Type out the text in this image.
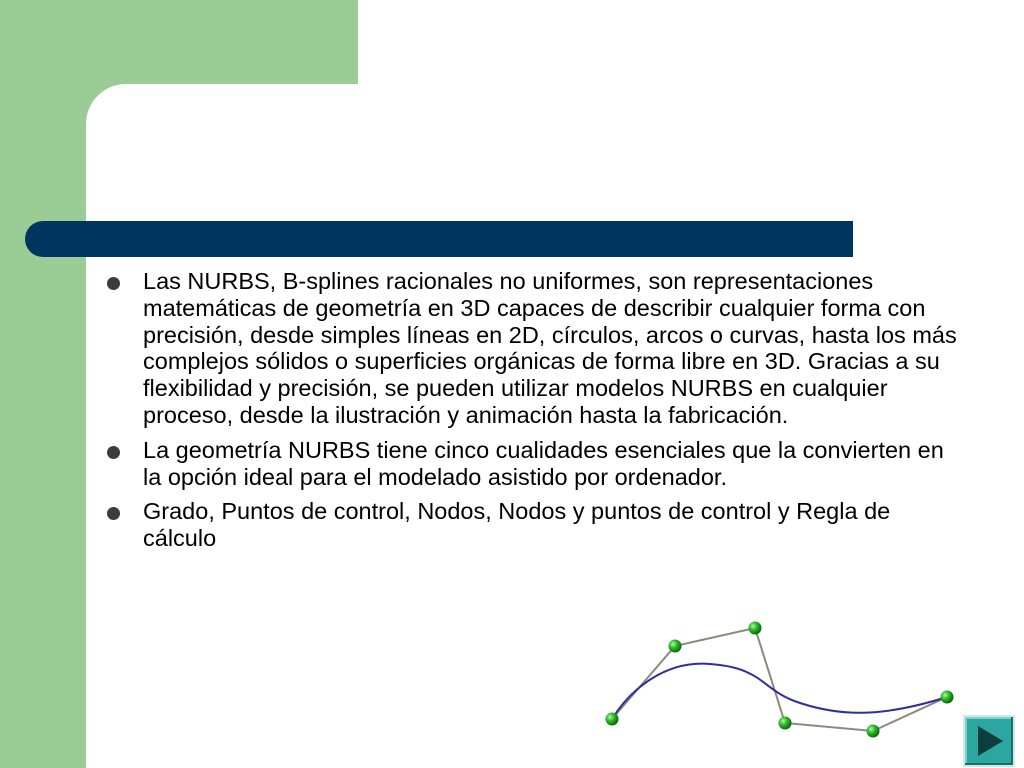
Las NURBS, B-splines racionales no uniformes, son representaciones matemáticas de geometría en 3D capaces de describir cualquier forma con precisión, desde simples líneas en 2D, círculos, arcos o curvas, hasta los más complejos sólidos o superficies orgánicas de forma libre en 3D. Gracias a su flexibilidad y precisión, se pueden utilizar modelos NURBS en cualquier proceso, desde la ilustración y animación hasta la fabricación.
La geometría NURBS tiene cinco cualidades esenciales que la convierten en la opción ideal para el modelado asistido por ordenador.
Grado, Puntos de control, Nodos, Nodos y puntos de control y Regla de cálculo
